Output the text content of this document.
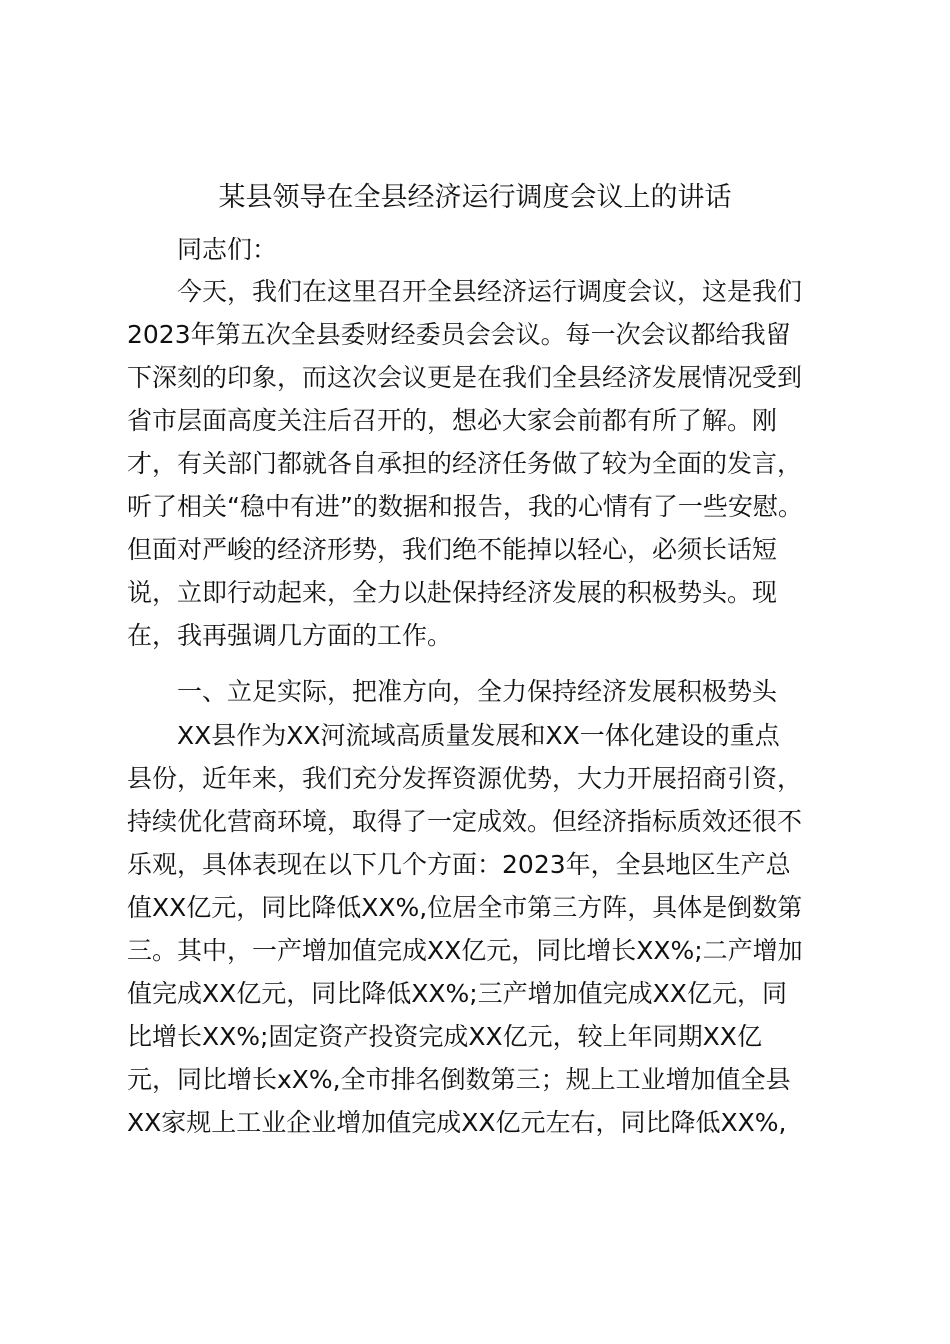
某县领导在全县经济运行调度会议上的讲话
同志们：
今天，我们在这里召开全县经济运行调度会议，这是我们
2023年第五次全县委财经委员会会议。每一次会议都给我留
下深刻的印象，而这次会议更是在我们全县经济发展情况受到
省市层面高度关注后召开的，想必大家会前都有所了解。刚
才，有关部门都就各自承担的经济任务做了较为全面的发言，
听了相关“稳中有进”的数据和报告，我的心情有了一些安慰。
但面对严峻的经济形势，我们绝不能掉以轻心，必须长话短
说，立即行动起来，全力以赴保持经济发展的积极势头。现
在，我再强调几方面的工作。
一、立足实际，把准方向，全力保持经济发展积极势头
XX县作为XX河流域高质量发展和XX一体化建设的重点
县份，近年来，我们充分发挥资源优势，大力开展招商引资，
持续优化营商环境，取得了一定成效。但经济指标质效还很不
乐观，具体表现在以下几个方面：2023年，全县地区生产总
值XX亿元，同比降低XX%,位居全市第三方阵，具体是倒数第
三。其中，一产增加值完成XX亿元，同比增长XX%;二产增加
值完成XX亿元，同比降低XX%;三产增加值完成XX亿元，同
比增长XX%;固定资产投资完成XX亿元，较上年同期XX亿
元，同比增长xX%,全市排名倒数第三；规上工业增加值全县
XX家规上工业企业增加值完成XX亿元左右，同比降低XX%,
